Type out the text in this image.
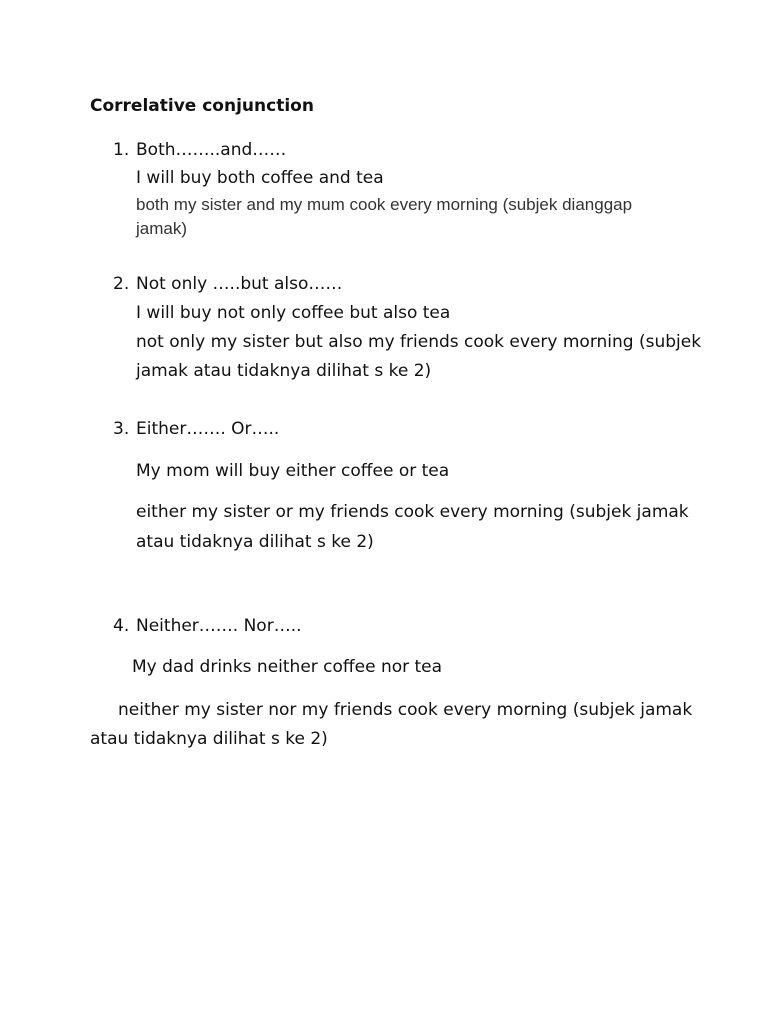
Correlative conjunction
1. Both……..and……
I will buy both coffee and tea
both my sister and my mum cook every morning (subjek dianggap
jamak)
2. Not only …..but also……
I will buy not only coffee but also tea
not only my sister but also my friends cook every morning (subjek
jamak atau tidaknya dilihat s ke 2)
3. Either……. Or…..
My mom will buy either coffee or tea
either my sister or my friends cook every morning (subjek jamak
atau tidaknya dilihat s ke 2)
4. Neither……. Nor…..
My dad drinks neither coffee nor tea
neither my sister nor my friends cook every morning (subjek jamak
atau tidaknya dilihat s ke 2)
